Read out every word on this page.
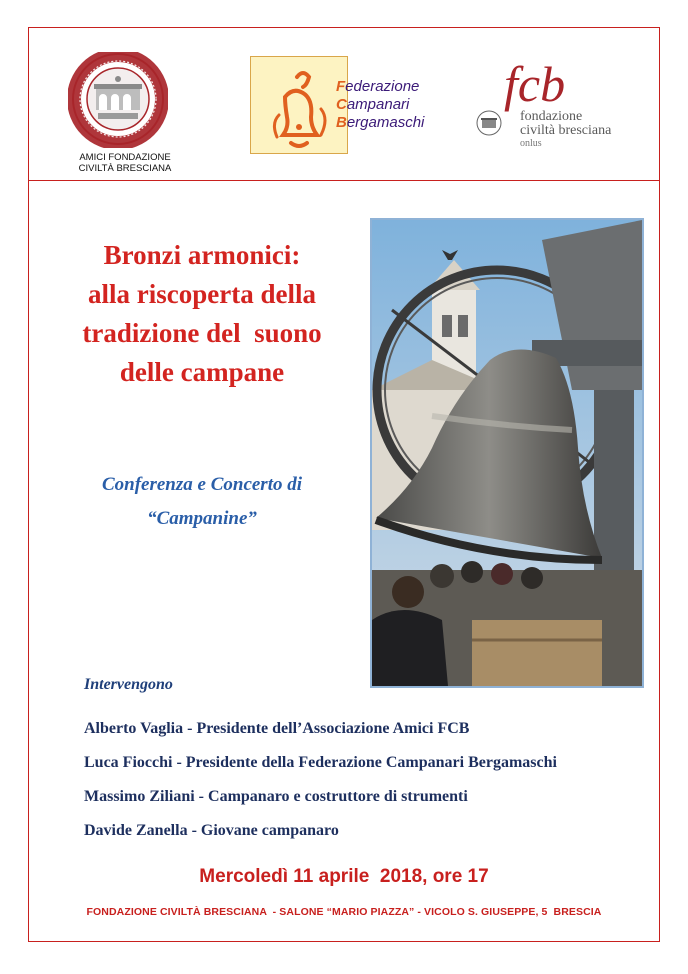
AMICI FONDAZIONE
CIVILTÀ BRESCIANA
Federazione
Campanari
Bergamaschi
fcb
fondazione
civiltà bresciana
onlus
Bronzi armonici:
alla riscoperta della
tradizione del  suono
delle campane
Conferenza e Concerto di
“Campanine”
Intervengono
Alberto Vaglia - Presidente dell’Associazione Amici FCB
Luca Fiocchi - Presidente della Federazione Campanari Bergamaschi
Massimo Ziliani - Campanaro e costruttore di strumenti
Davide Zanella - Giovane campanaro
Mercoledì 11 aprile  2018, ore 17
FONDAZIONE CIVILTÀ BRESCIANA  - SALONE “MARIO PIAZZA” - VICOLO S. GIUSEPPE, 5  BRESCIA
